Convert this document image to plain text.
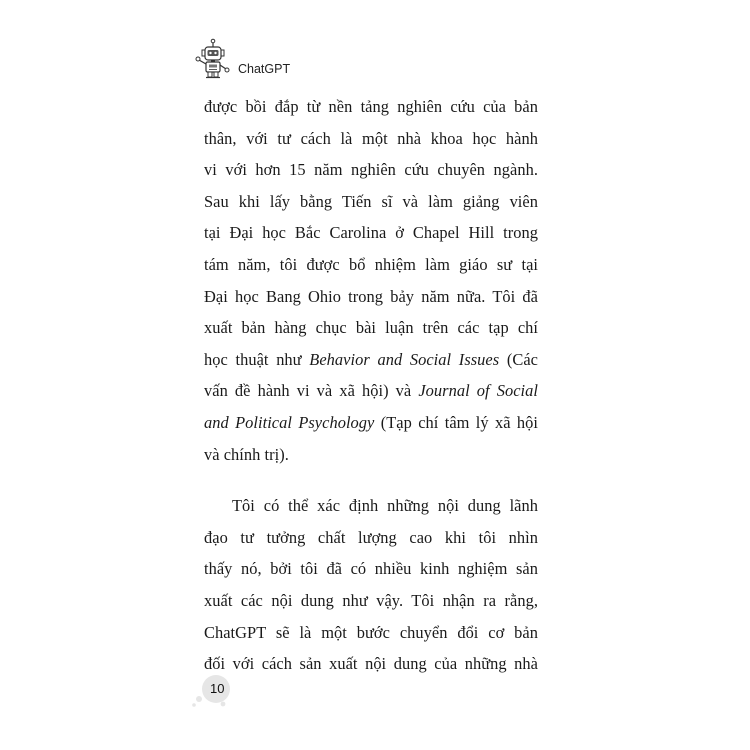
ChatGPT
được bồi đắp từ nền tảng nghiên cứu của bản
thân, với tư cách là một nhà khoa học hành
vi với hơn 15 năm nghiên cứu chuyên ngành.
Sau khi lấy bằng Tiến sĩ và làm giảng viên
tại Đại học Bắc Carolina ở Chapel Hill trong
tám năm, tôi được bổ nhiệm làm giáo sư tại
Đại học Bang Ohio trong bảy năm nữa. Tôi đã
xuất bản hàng chục bài luận trên các tạp chí
học thuật như Behavior and Social Issues (Các
vấn đề hành vi và xã hội) và Journal of Social
and Political Psychology (Tạp chí tâm lý xã hội
và chính trị).
Tôi có thể xác định những nội dung lãnh
đạo tư tưởng chất lượng cao khi tôi nhìn
thấy nó, bởi tôi đã có nhiều kinh nghiệm sản
xuất các nội dung như vậy. Tôi nhận ra rằng,
ChatGPT sẽ là một bước chuyển đổi cơ bản
đối với cách sản xuất nội dung của những nhà
10
